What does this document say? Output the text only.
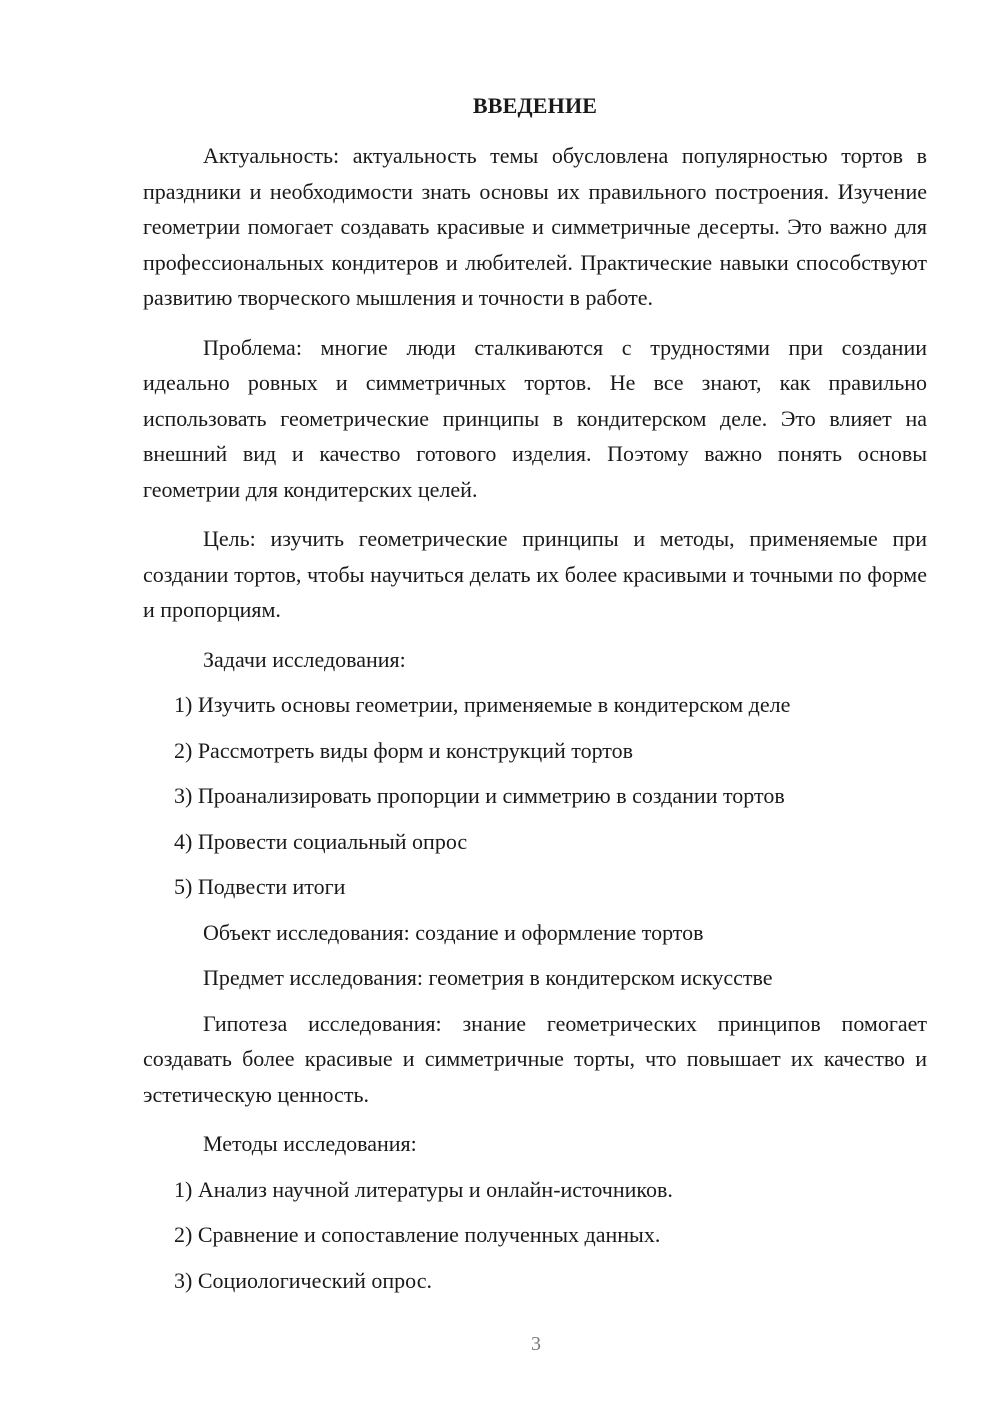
ВВЕДЕНИЕ

Актуальность: актуальность темы обусловлена популярностью тортов в праздники и необходимости знать основы их правильного построения. Изучение геометрии помогает создавать красивые и симметричные десерты. Это важно для профессиональных кондитеров и любителей. Практические навыки способствуют развитию творческого мышления и точности в работе.

Проблема: многие люди сталкиваются с трудностями при создании идеально ровных и симметричных тортов. Не все знают, как правильно использовать геометрические принципы в кондитерском деле. Это влияет на внешний вид и качество готового изделия. Поэтому важно понять основы геометрии для кондитерских целей.

Цель: изучить геометрические принципы и методы, применяемые при создании тортов, чтобы научиться делать их более красивыми и точными по форме и пропорциям.

Задачи исследования:
1) Изучить основы геометрии, применяемые в кондитерском деле
2) Рассмотреть виды форм и конструкций тортов
3) Проанализировать пропорции и симметрию в создании тортов
4) Провести социальный опрос
5) Подвести итоги
Объект исследования: создание и оформление тортов
Предмет исследования: геометрия в кондитерском искусстве

Гипотеза исследования: знание геометрических принципов помогает создавать более красивые и симметричные торты, что повышает их качество и эстетическую ценность.

Методы исследования:
1) Анализ научной литературы и онлайн-источников.
2) Сравнение и сопоставление полученных данных.
3) Социологический опрос.
3
